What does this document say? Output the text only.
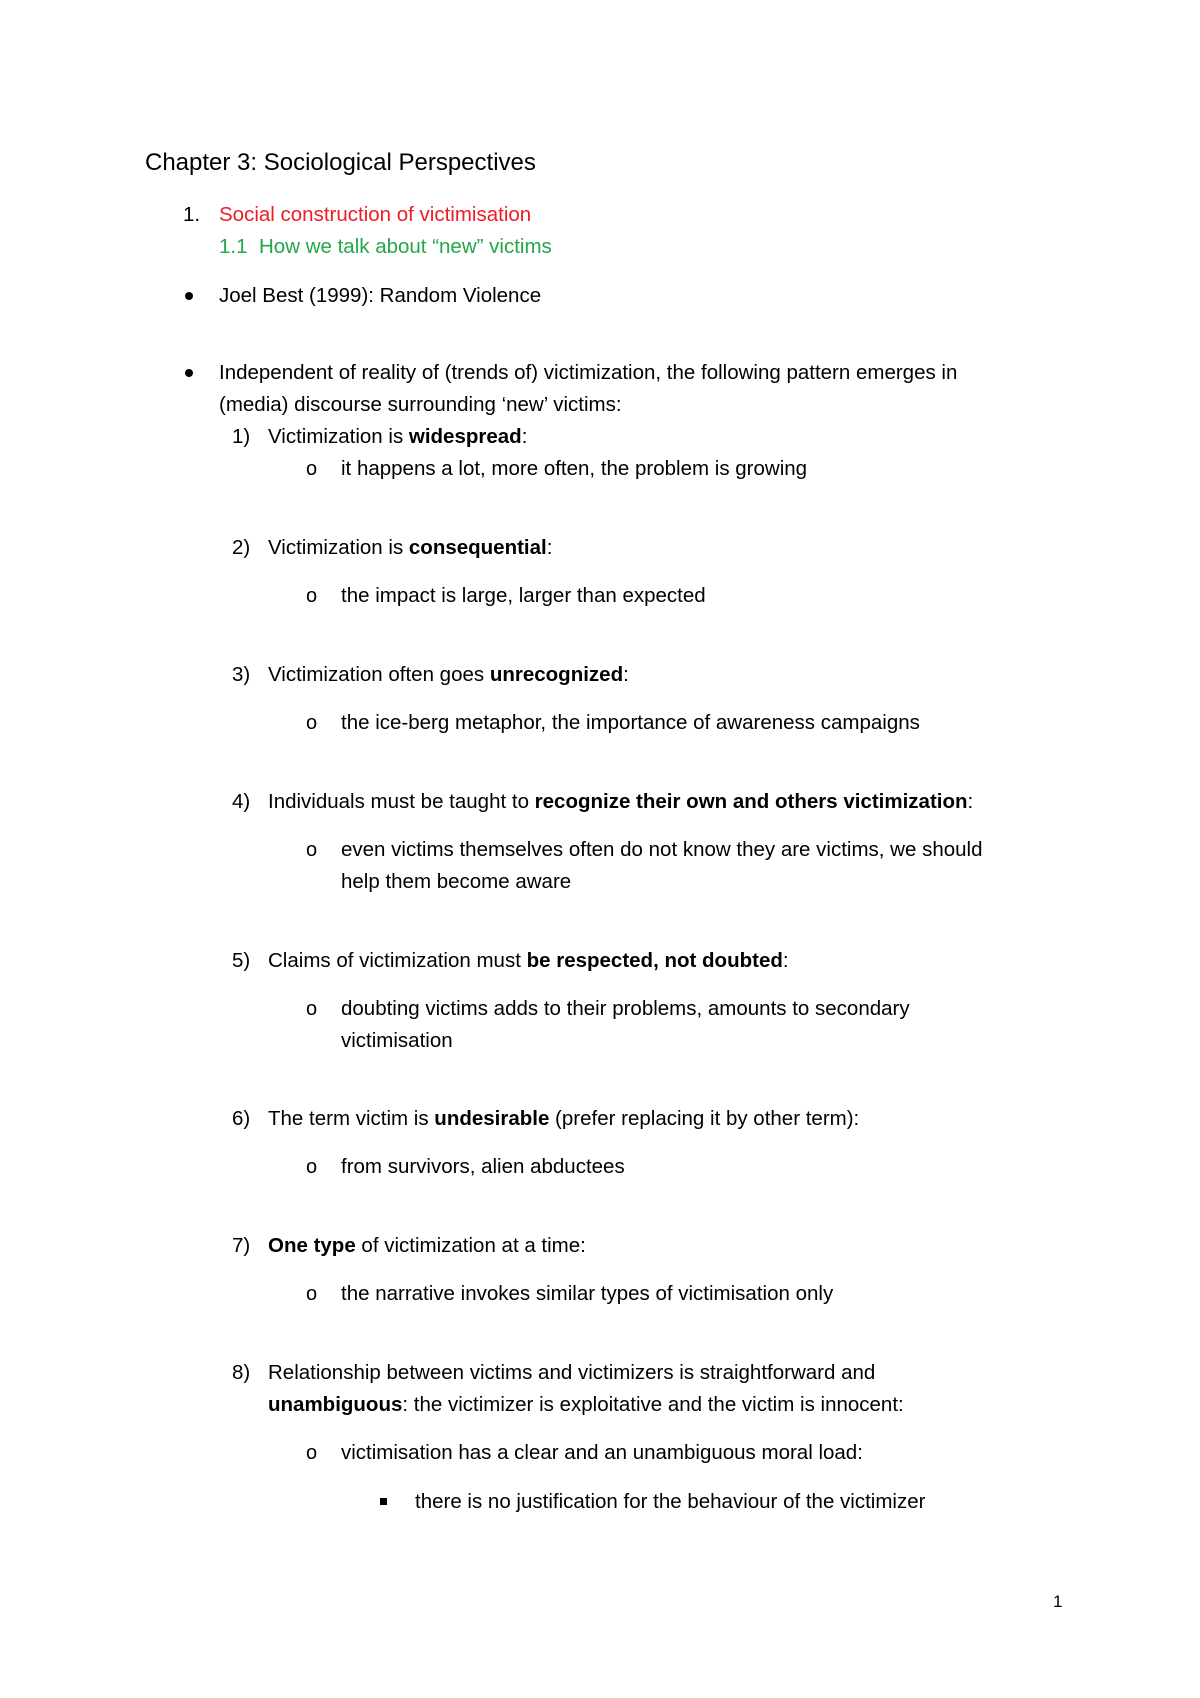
Chapter 3: Sociological Perspectives
1. Social construction of victimisation
1.1 How we talk about “new” victims
Joel Best (1999): Random Violence
Independent of reality of (trends of) victimization, the following pattern emerges in
(media) discourse surrounding ‘new’ victims:
1) Victimization is widespread:
o it happens a lot, more often, the problem is growing
2) Victimization is consequential:
o the impact is large, larger than expected
3) Victimization often goes unrecognized:
o the ice-berg metaphor, the importance of awareness campaigns
4) Individuals must be taught to recognize their own and others victimization:
o even victims themselves often do not know they are victims, we should
help them become aware
5) Claims of victimization must be respected, not doubted:
o doubting victims adds to their problems, amounts to secondary
victimisation
6) The term victim is undesirable (prefer replacing it by other term):
o from survivors, alien abductees
7) One type of victimization at a time:
o the narrative invokes similar types of victimisation only
8) Relationship between victims and victimizers is straightforward and
unambiguous: the victimizer is exploitative and the victim is innocent:
o victimisation has a clear and an unambiguous moral load:
there is no justification for the behaviour of the victimizer
1
